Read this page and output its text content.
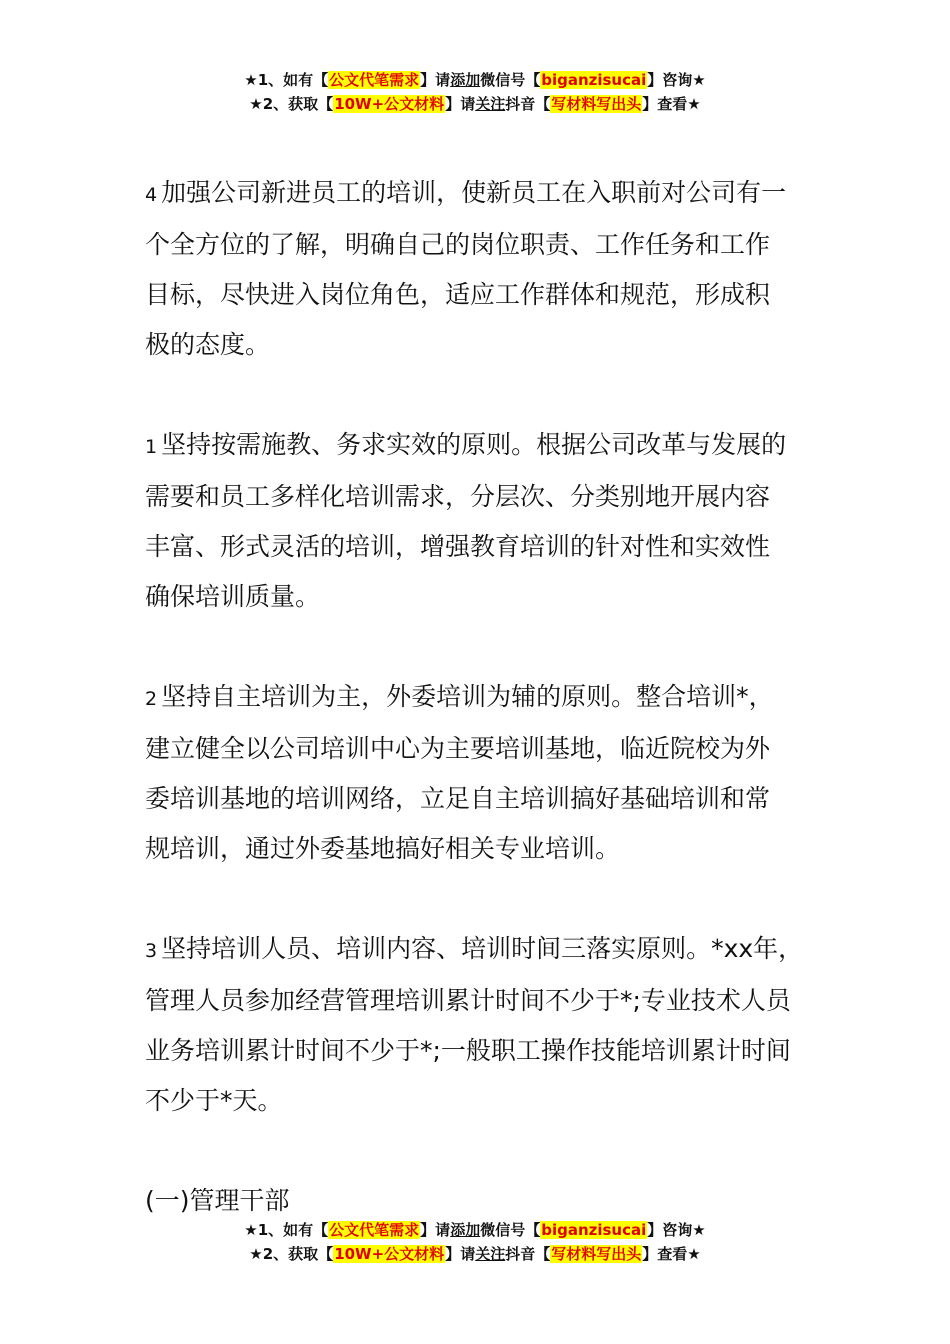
★1、如有【公文代笔需求】请添加微信号【biganzisucai】咨询★
★2、获取【10W+公文材料】请关注抖音【写材料写出头】查看★
4 加强公司新进员工的培训，使新员工在入职前对公司有一
个全方位的了解，明确自己的岗位职责、工作任务和工作
目标，尽快进入岗位角色，适应工作群体和规范，形成积
极的态度。
1 坚持按需施教、务求实效的原则。根据公司改革与发展的
需要和员工多样化培训需求，分层次、分类别地开展内容
丰富、形式灵活的培训，增强教育培训的针对性和实效性
确保培训质量。
2 坚持自主培训为主，外委培训为辅的原则。整合培训*，
建立健全以公司培训中心为主要培训基地，临近院校为外
委培训基地的培训网络，立足自主培训搞好基础培训和常
规培训，通过外委基地搞好相关专业培训。
3 坚持培训人员、培训内容、培训时间三落实原则。*xx年，
管理人员参加经营管理培训累计时间不少于*;专业技术人员
业务培训累计时间不少于*;一般职工操作技能培训累计时间
不少于*天。
(一)管理干部
★1、如有【公文代笔需求】请添加微信号【biganzisucai】咨询★
★2、获取【10W+公文材料】请关注抖音【写材料写出头】查看★
